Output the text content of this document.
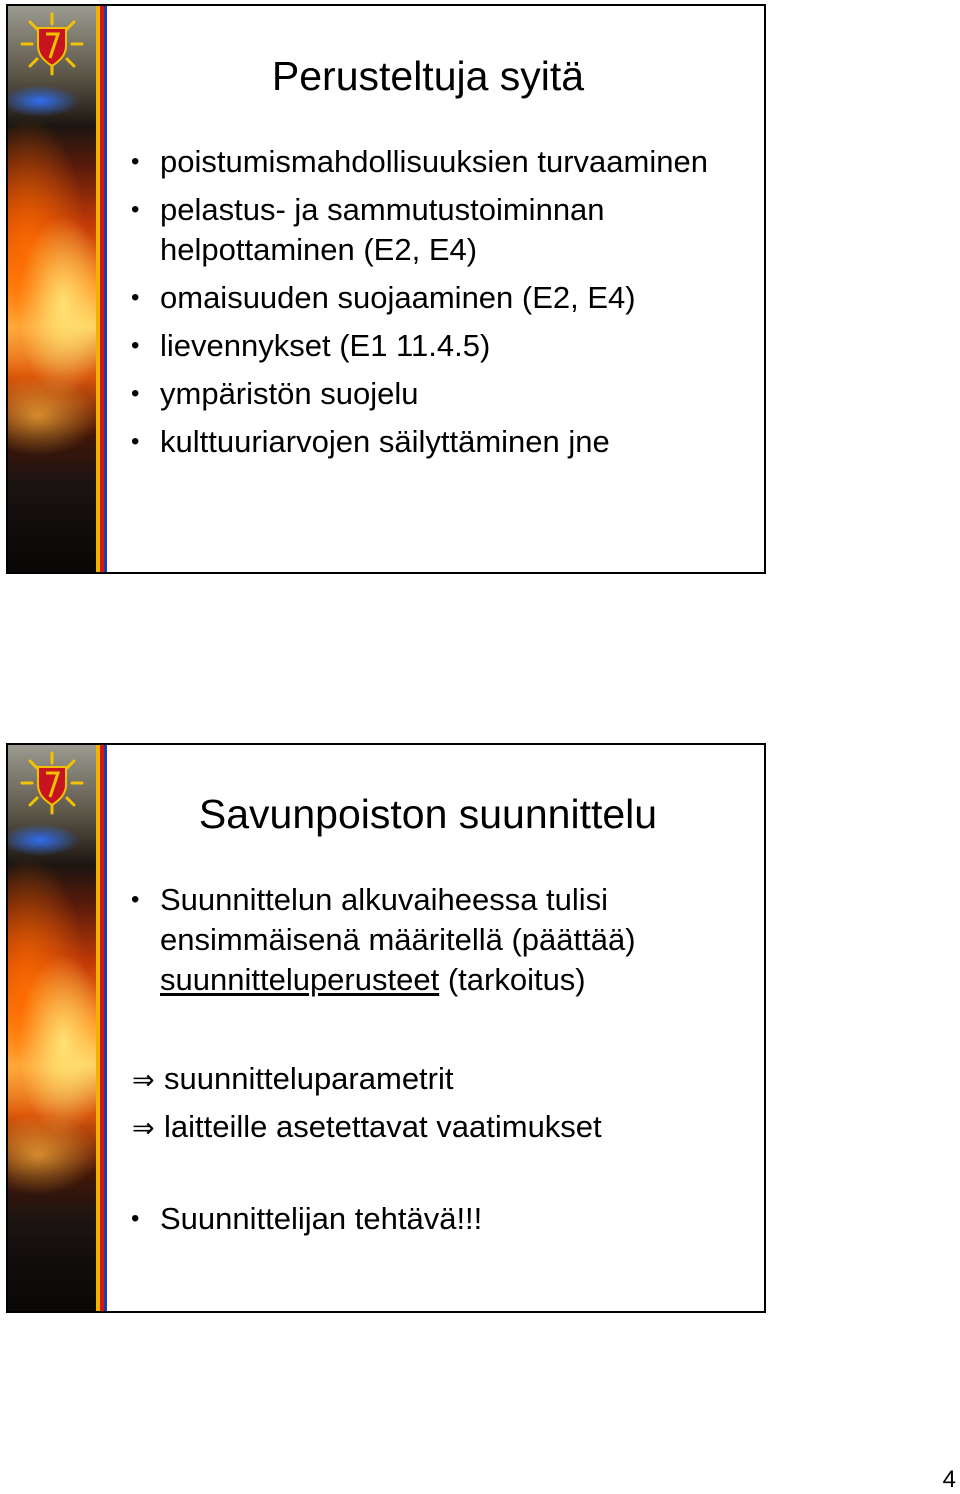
Perusteltuja syitä
• poistumismahdollisuuksien turvaaminen
• pelastus- ja sammutustoiminnan helpottaminen (E2, E4)
• omaisuuden suojaaminen (E2, E4)
• lievennykset (E1 11.4.5)
• ympäristön suojelu
• kulttuuriarvojen säilyttäminen jne
Savunpoiston suunnittelu
• Suunnittelun alkuvaiheessa tulisi ensimmäisenä määritellä (päättää) suunnitteluperusteet (tarkoitus)
⇒ suunnitteluparametrit
⇒ laitteille asetettavat vaatimukset
• Suunnittelijan tehtävä!!!
4
